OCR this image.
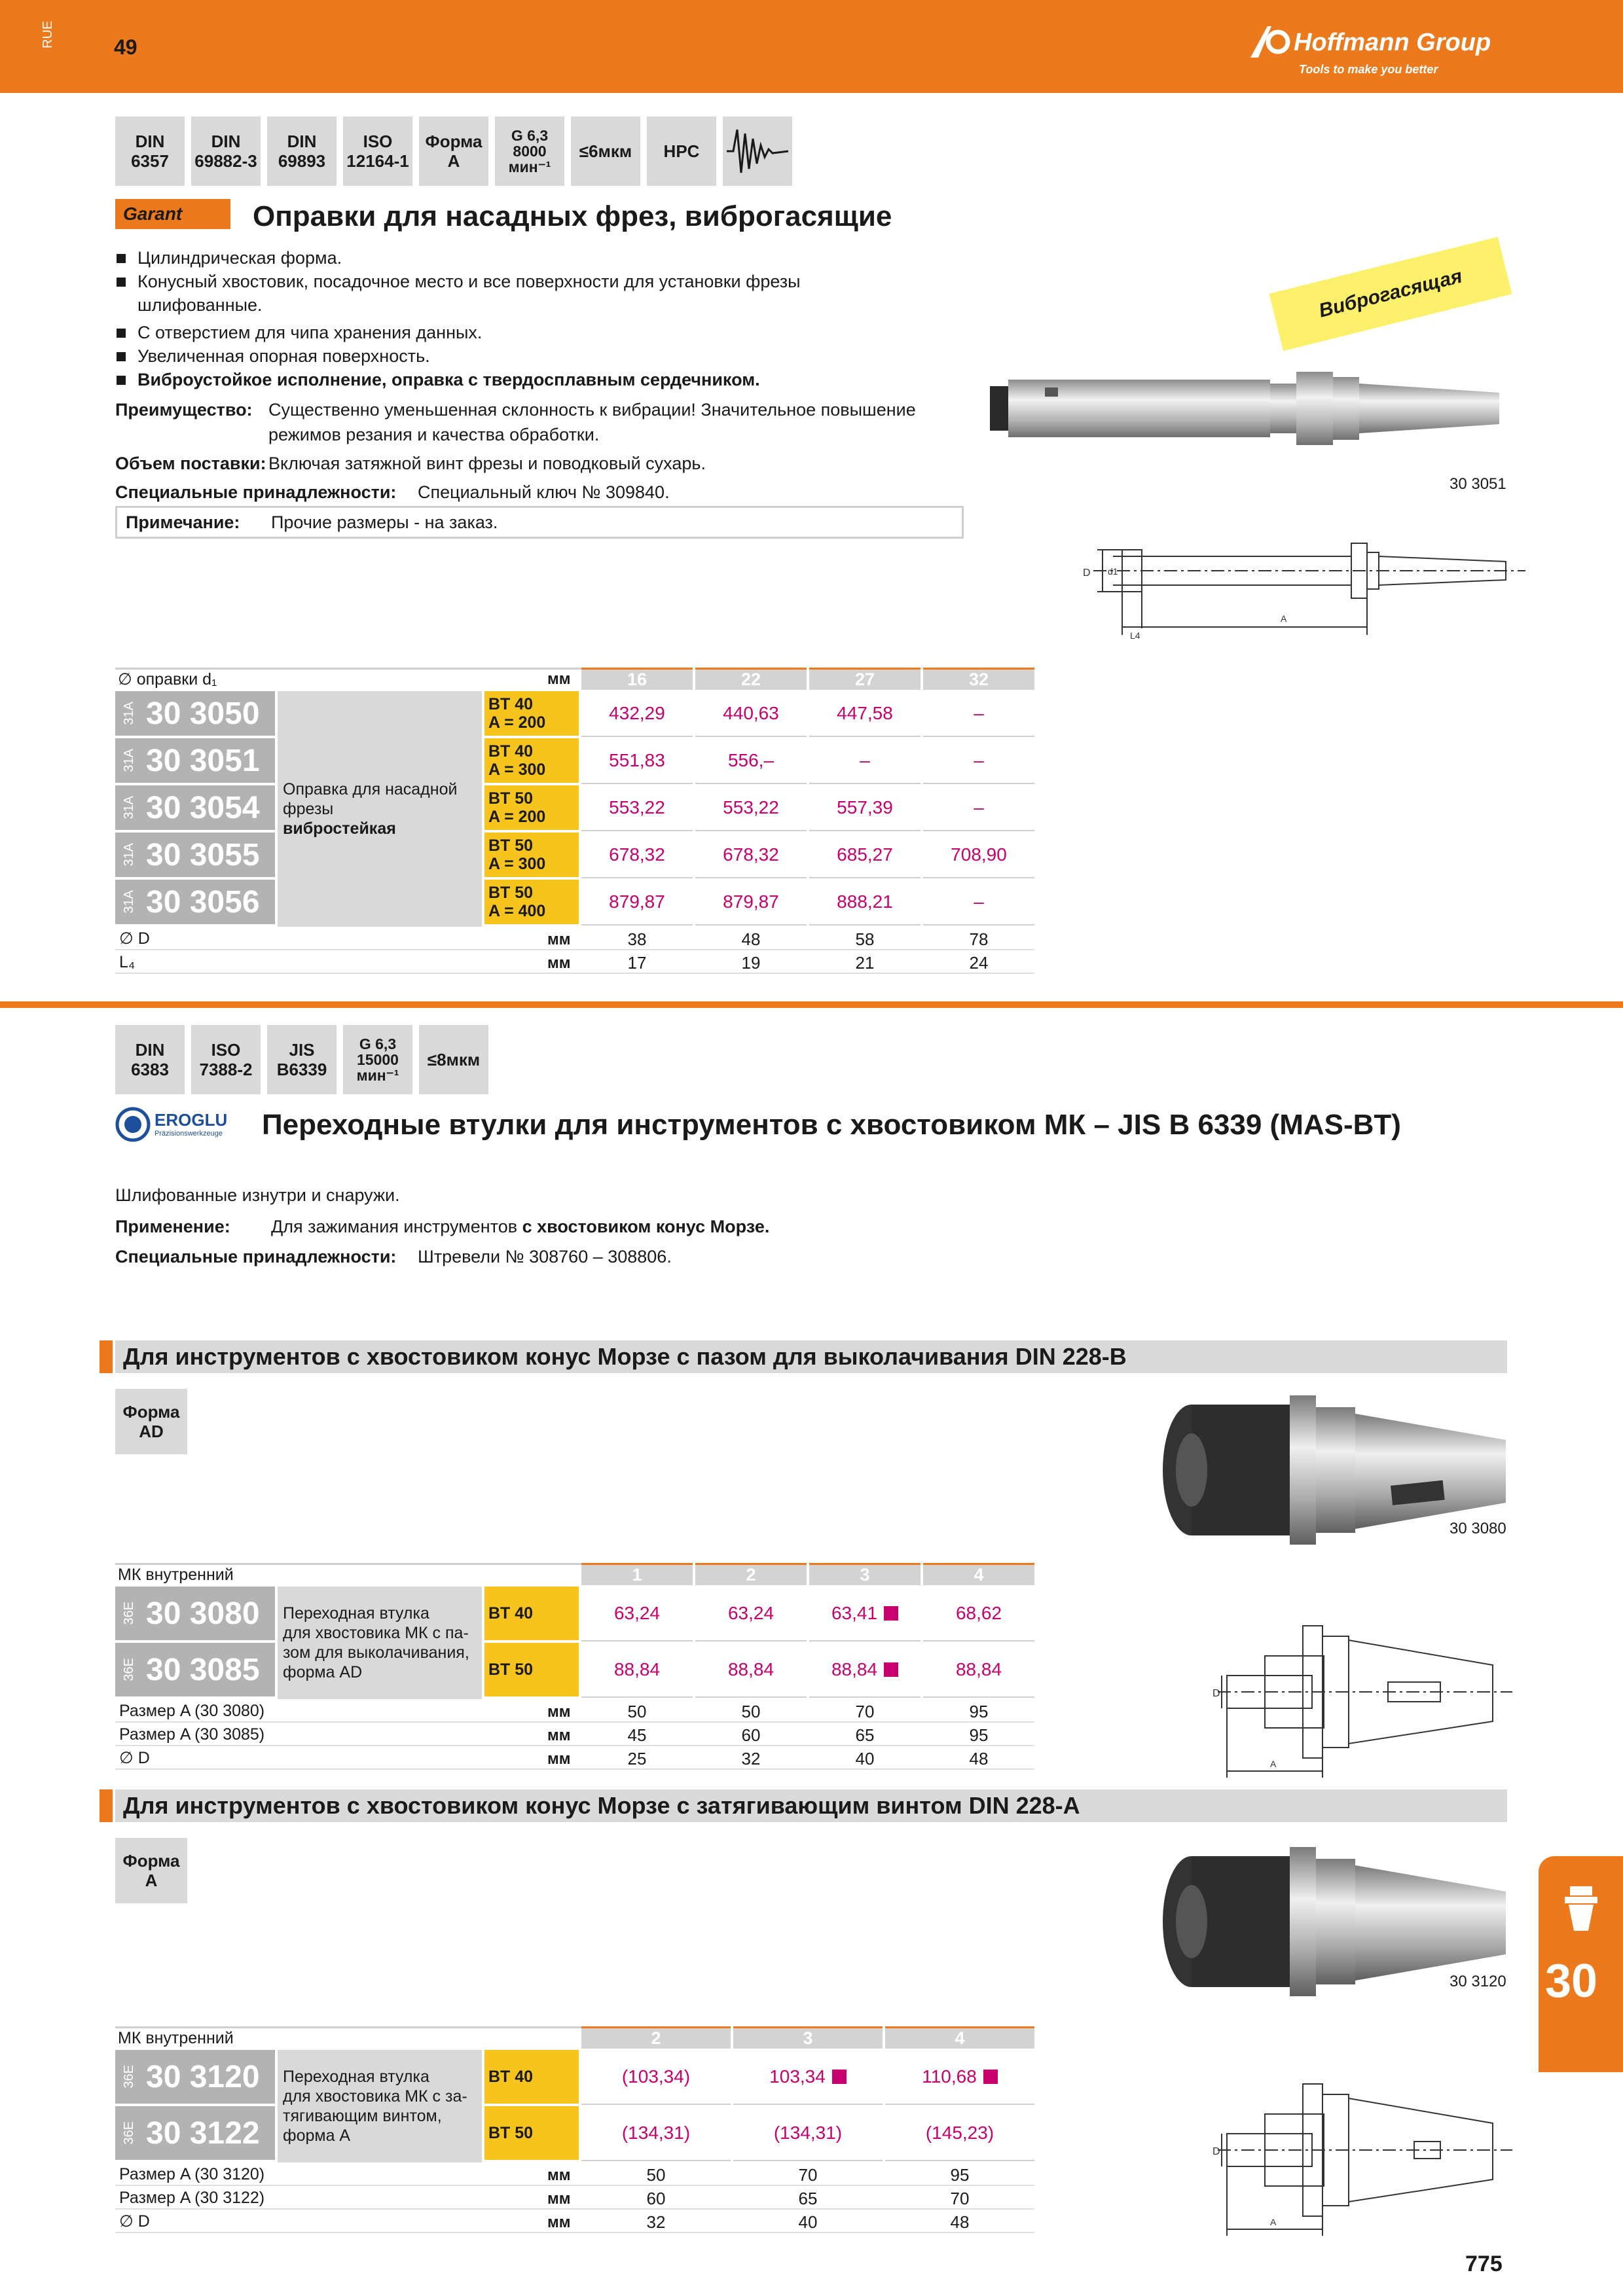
RUE	49	Hoffmann Group
Tools to make you better
DIN
6357
DIN
69882-3
DIN
69893
ISO
12164-1
Форма
A
G 6,3
8000
мин⁻¹
≤6мкм	HPC
Garant	Оправки для насадных фрез, виброгасящие
Цилиндрическая форма.
Конусный хвостовик, посадочное место и все поверхности для установки фрезы
шлифованные.
С отверстием для чипа хранения данных.
Увеличенная опорная поверхность.
Виброустойкое исполнение, оправка с твердосплавным сердечником.
Преимущество: Существенно уменьшенная склонность к вибрации! Значительное повышение
режимов резания и качества обработки.
Объем поставки: Включая затяжной винт фрезы и поводковый сухарь.
Специальные принадлежности: Специальный ключ № 309840.
Примечание: Прочие размеры - на заказ.
Виброгасящая
30 3051
D d1
L4
A
∅ оправки d₁	мм	16	22	27	32
Оправка для насадной
фрезы
вибростейкая
31A 30 3050	BT 40
A = 200	432,29	440,63	447,58	–
31A 30 3051	BT 40
A = 300	551,83	556,–	–	–
31A 30 3054	BT 50
A = 200	553,22	553,22	557,39	–
31A 30 3055	BT 50
A = 300	678,32	678,32	685,27	708,90
31A 30 3056	BT 50
A = 400	879,87	879,87	888,21	–
∅ D	мм	38	48	58	78
L₄	мм	17	19	21	24
DIN
6383
ISO
7388-2
JIS
B6339
G 6,3
15000
мин⁻¹
≤8мкм
EROGLU
Präzisionswerkzeuge Переходные втулки для инструментов с хвостовиком МК – JIS B 6339 (MAS-BT)
Шлифованные изнутри и снаружи.
Применение: Для зажимания инструментов с хвостовиком конус Морзе.
Специальные принадлежности: Штревели № 308760 – 308806.
Для инструментов с хвостовиком конус Морзе с пазом для выколачивания DIN 228-B
Форма
AD
30 3080
МК внутренний	1	2	3	4
Переходная втулка
для хвостовика МК с па-
зом для выколачивания,
форма AD
36E 30 3080	BT 40	63,24	63,24	63,41	68,62
36E 30 3085	BT 50	88,84	88,84	88,84	88,84
Размер A (30 3080)	мм	50	50	70	95
Размер A (30 3085)	мм	45	60	65	95
∅ D	мм	25	32	40	48
D
A
Для инструментов с хвостовиком конус Морзе с затягивающим винтом DIN 228-A
Форма
A
30 3120
МК внутренний	2	3	4
Переходная втулка
для хвостовика МК с за-
тягивающим винтом,
форма A
36E 30 3120	BT 40	(103,34)	103,34	110,68
36E 30 3122	BT 50	(134,31)	(134,31)	(145,23)
Размер A (30 3120)	мм	50	70	95
Размер A (30 3122)	мм	60	65	70
∅ D	мм	32	40	48
D
A
30
775
